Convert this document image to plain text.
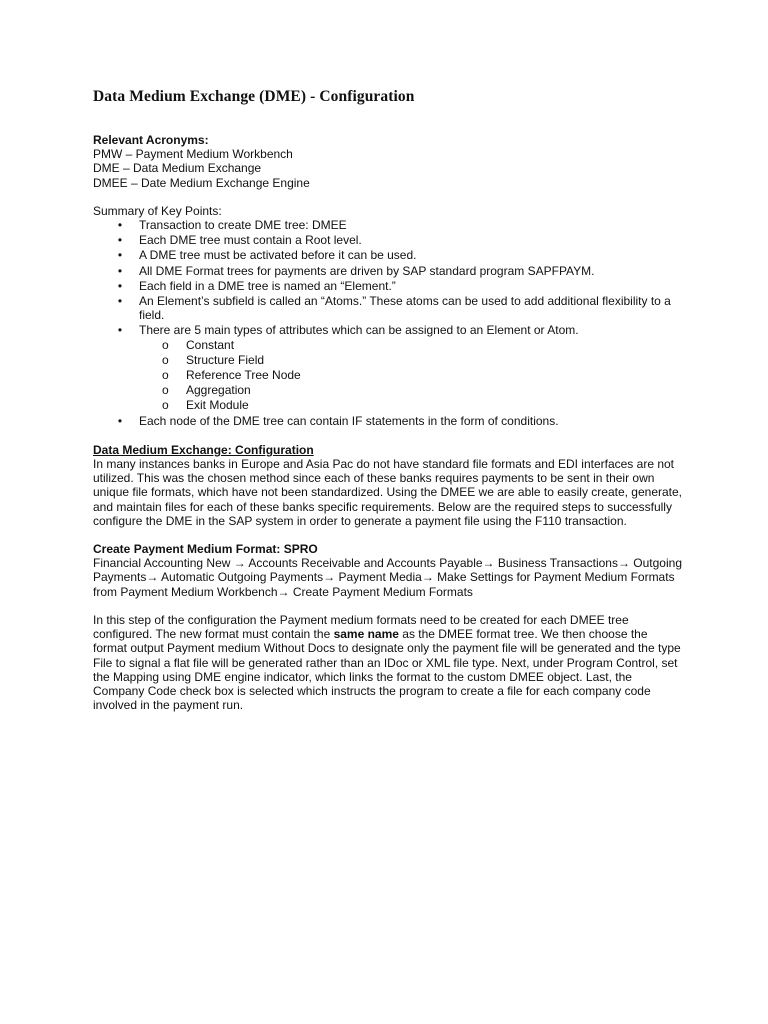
Data Medium Exchange (DME) - Configuration

Relevant Acronyms:

PMW – Payment Medium Workbench

DME – Data Medium Exchange

DMEE – Date Medium Exchange Engine

Summary of Key Points:

• Transaction to create DME tree: DMEE
• Each DME tree must contain a Root level.
• A DME tree must be activated before it can be used.
• All DME Format trees for payments are driven by SAP standard program SAPFPAYM.
• Each field in a DME tree is named an “Element.”
• An Element’s subfield is called an “Atoms.” These atoms can be used to add additional flexibility to a field.
• There are 5 main types of attributes which can be assigned to an Element or Atom.
o Constant
o Structure Field
o Reference Tree Node
o Aggregation
o Exit Module
• Each node of the DME tree can contain IF statements in the form of conditions.

Data Medium Exchange: Configuration

In many instances banks in Europe and Asia Pac do not have standard file formats and EDI interfaces are not utilized. This was the chosen method since each of these banks requires payments to be sent in their own unique file formats, which have not been standardized. Using the DMEE we are able to easily create, generate, and maintain files for each of these banks specific requirements. Below are the required steps to successfully configure the DME in the SAP system in order to generate a payment file using the F110 transaction.

Create Payment Medium Format: SPRO

Financial Accounting New → Accounts Receivable and Accounts Payable→ Business Transactions→ Outgoing Payments→ Automatic Outgoing Payments→ Payment Media→ Make Settings for Payment Medium Formats from Payment Medium Workbench→ Create Payment Medium Formats

In this step of the configuration the Payment medium formats need to be created for each DMEE tree configured. The new format must contain the same name as the DMEE format tree. We then choose the format output Payment medium Without Docs to designate only the payment file will be generated and the type File to signal a flat file will be generated rather than an IDoc or XML file type. Next, under Program Control, set the Mapping using DME engine indicator, which links the format to the custom DMEE object. Last, the Company Code check box is selected which instructs the program to create a file for each company code involved in the payment run.
